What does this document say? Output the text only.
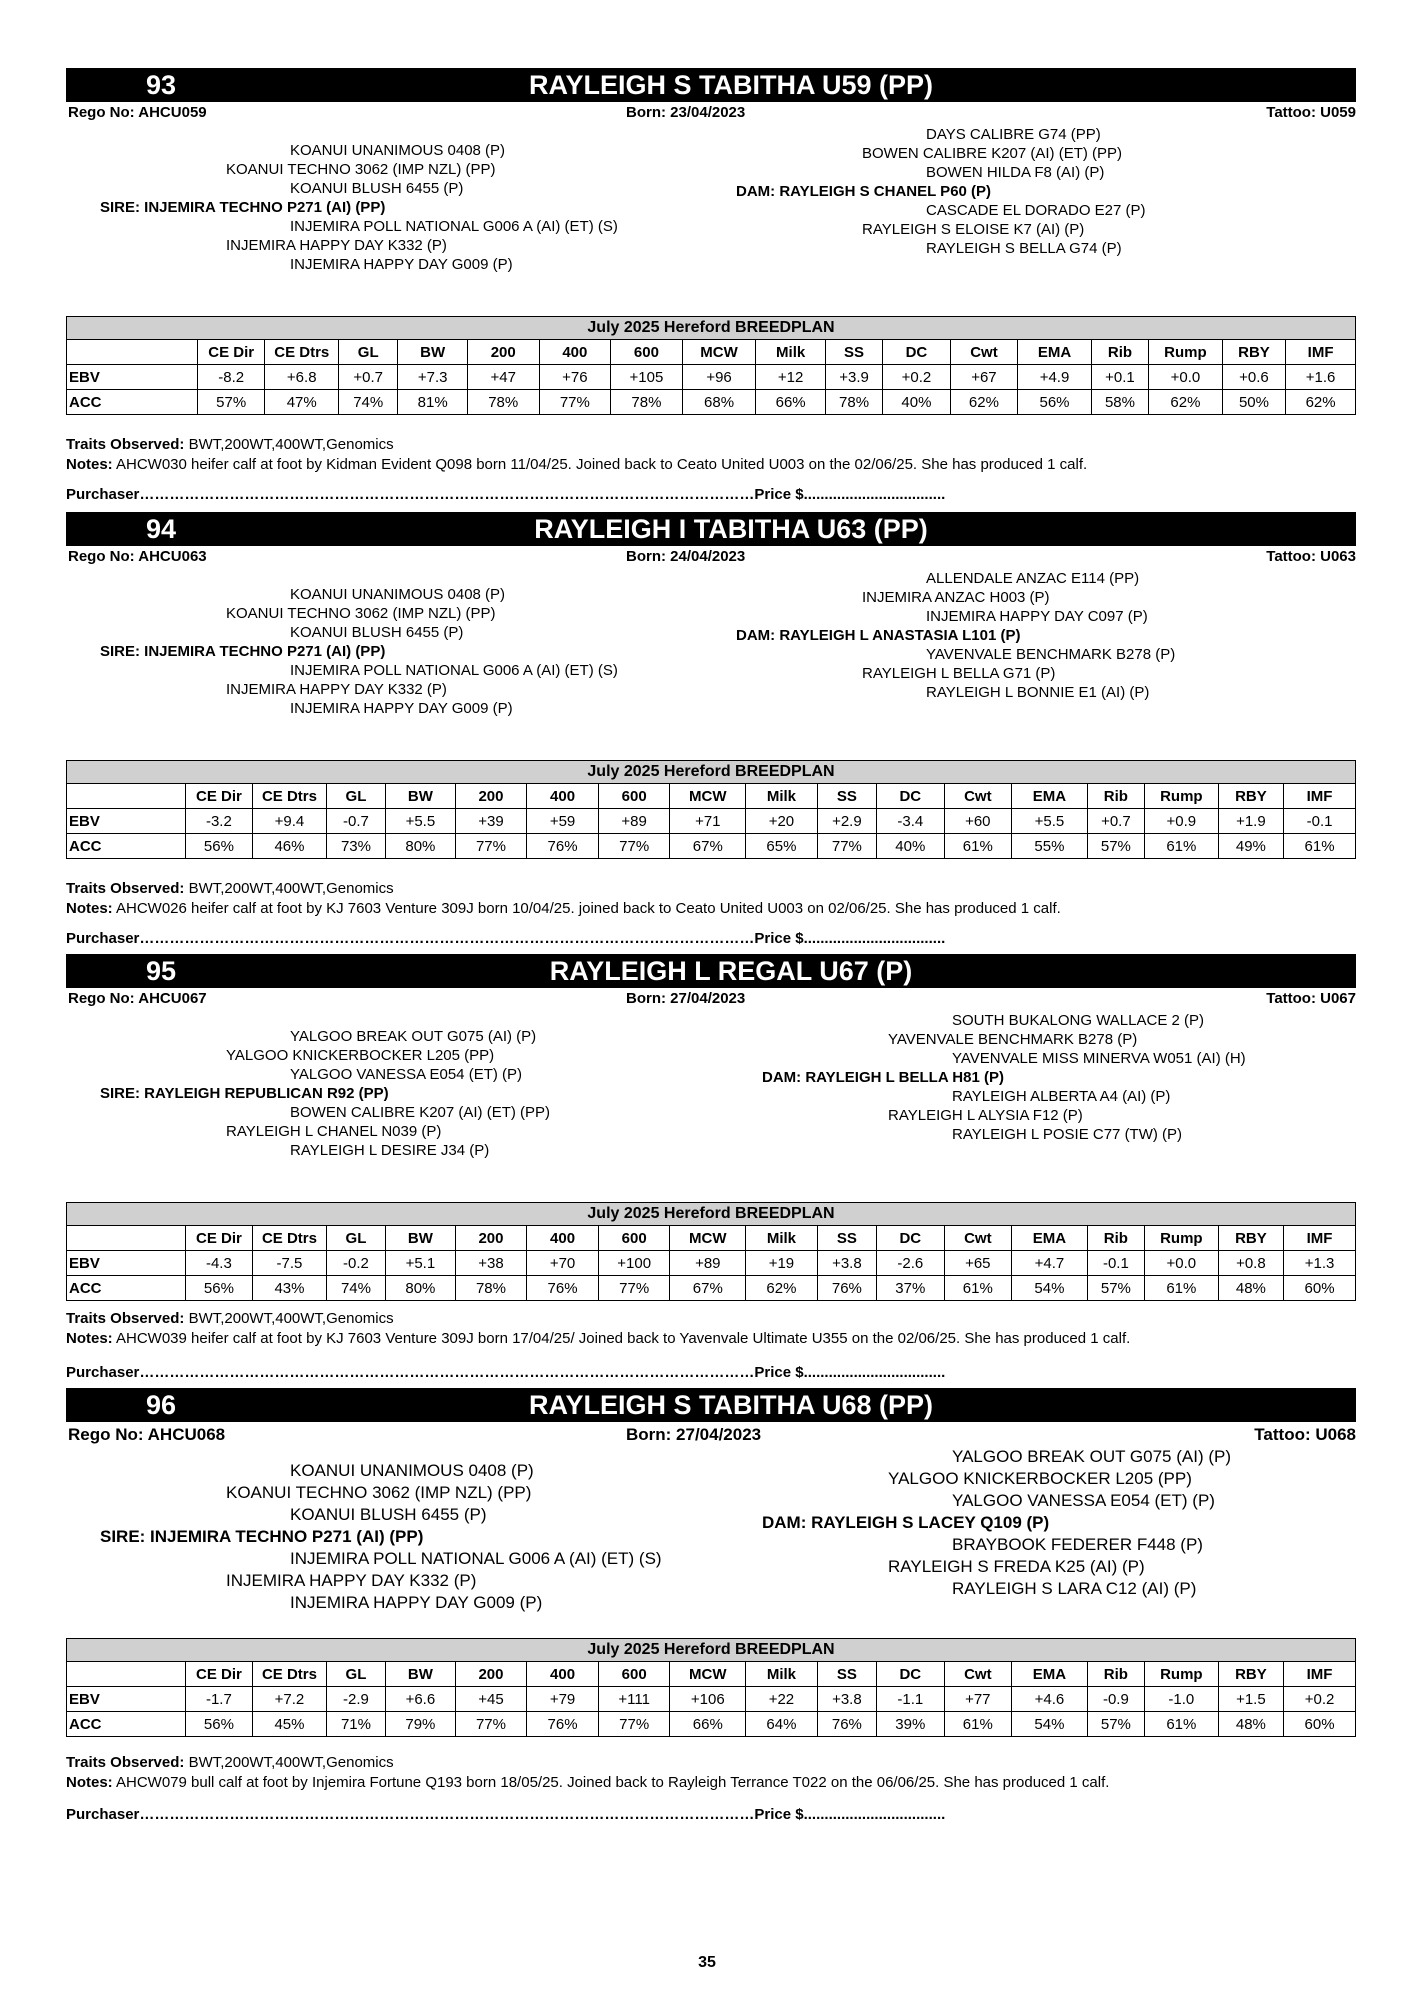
93	RAYLEIGH S TABITHA U59 (PP)
Rego No: AHCU059	Born: 23/04/2023	Tattoo: U059
KOANUI UNANIMOUS 0408 (P)
KOANUI TECHNO 3062 (IMP NZL) (PP)
KOANUI BLUSH 6455 (P)
SIRE: INJEMIRA TECHNO P271 (AI) (PP)
INJEMIRA POLL NATIONAL G006 A (AI) (ET) (S)
INJEMIRA HAPPY DAY K332 (P)
INJEMIRA HAPPY DAY G009 (P)
DAYS CALIBRE G74 (PP)
BOWEN CALIBRE K207 (AI) (ET) (PP)
BOWEN HILDA F8 (AI) (P)
DAM: RAYLEIGH S CHANEL P60 (P)
CASCADE EL DORADO E27 (P)
RAYLEIGH S ELOISE K7 (AI) (P)
RAYLEIGH S BELLA G74 (P)
July 2025 Hereford BREEDPLAN																	
	CE Dir	CE Dtrs	GL	BW	200	400	600	MCW	Milk	SS	DC	Cwt	EMA	Rib	Rump	RBY	IMF
EBV	-8.2	+6.8	+0.7	+7.3	+47	+76	+105	+96	+12	+3.9	+0.2	+67	+4.9	+0.1	+0.0	+0.6	+1.6
ACC	57%	47%	74%	81%	78%	77%	78%	68%	66%	78%	40%	62%	56%	58%	62%	50%	62%
Traits Observed: BWT,200WT,400WT,Genomics
Notes: AHCW030 heifer calf at foot by Kidman Evident Q098 born 11/04/25. Joined back to Ceato United U003 on the 02/06/25. She has produced 1 calf.
Purchaser……………………………………………………………………………………………………………Price $..................................
94	RAYLEIGH I TABITHA U63 (PP)
Rego No: AHCU063	Born: 24/04/2023	Tattoo: U063
KOANUI UNANIMOUS 0408 (P)
KOANUI TECHNO 3062 (IMP NZL) (PP)
KOANUI BLUSH 6455 (P)
SIRE: INJEMIRA TECHNO P271 (AI) (PP)
INJEMIRA POLL NATIONAL G006 A (AI) (ET) (S)
INJEMIRA HAPPY DAY K332 (P)
INJEMIRA HAPPY DAY G009 (P)
ALLENDALE ANZAC E114 (PP)
INJEMIRA ANZAC H003 (P)
INJEMIRA HAPPY DAY C097 (P)
DAM: RAYLEIGH L ANASTASIA L101 (P)
YAVENVALE BENCHMARK B278 (P)
RAYLEIGH L BELLA G71 (P)
RAYLEIGH L BONNIE E1 (AI) (P)
July 2025 Hereford BREEDPLAN																	
	CE Dir	CE Dtrs	GL	BW	200	400	600	MCW	Milk	SS	DC	Cwt	EMA	Rib	Rump	RBY	IMF
EBV	-3.2	+9.4	-0.7	+5.5	+39	+59	+89	+71	+20	+2.9	-3.4	+60	+5.5	+0.7	+0.9	+1.9	-0.1
ACC	56%	46%	73%	80%	77%	76%	77%	67%	65%	77%	40%	61%	55%	57%	61%	49%	61%
Traits Observed: BWT,200WT,400WT,Genomics
Notes: AHCW026 heifer calf at foot by KJ 7603 Venture 309J born 10/04/25. joined back to Ceato United U003 on 02/06/25. She has produced 1 calf.
Purchaser……………………………………………………………………………………………………………Price $..................................
95	RAYLEIGH L REGAL U67 (P)
Rego No: AHCU067	Born: 27/04/2023	Tattoo: U067
YALGOO BREAK OUT G075 (AI) (P)
YALGOO KNICKERBOCKER L205 (PP)
YALGOO VANESSA E054 (ET) (P)
SIRE: RAYLEIGH REPUBLICAN R92 (PP)
BOWEN CALIBRE K207 (AI) (ET) (PP)
RAYLEIGH L CHANEL N039 (P)
RAYLEIGH L DESIRE J34 (P)
SOUTH BUKALONG WALLACE 2 (P)
YAVENVALE BENCHMARK B278 (P)
YAVENVALE MISS MINERVA W051 (AI) (H)
DAM: RAYLEIGH L BELLA H81 (P)
RAYLEIGH ALBERTA A4 (AI) (P)
RAYLEIGH L ALYSIA F12 (P)
RAYLEIGH L POSIE C77 (TW) (P)
July 2025 Hereford BREEDPLAN																	
	CE Dir	CE Dtrs	GL	BW	200	400	600	MCW	Milk	SS	DC	Cwt	EMA	Rib	Rump	RBY	IMF
EBV	-4.3	-7.5	-0.2	+5.1	+38	+70	+100	+89	+19	+3.8	-2.6	+65	+4.7	-0.1	+0.0	+0.8	+1.3
ACC	56%	43%	74%	80%	78%	76%	77%	67%	62%	76%	37%	61%	54%	57%	61%	48%	60%
Traits Observed: BWT,200WT,400WT,Genomics
Notes: AHCW039 heifer calf at foot by KJ 7603 Venture 309J born 17/04/25/ Joined back to Yavenvale Ultimate U355 on the 02/06/25. She has produced 1 calf.
Purchaser……………………………………………………………………………………………………………Price $..................................
96	RAYLEIGH S TABITHA U68 (PP)
Rego No: AHCU068	Born: 27/04/2023	Tattoo: U068
KOANUI UNANIMOUS 0408 (P)
KOANUI TECHNO 3062 (IMP NZL) (PP)
KOANUI BLUSH 6455 (P)
SIRE: INJEMIRA TECHNO P271 (AI) (PP)
INJEMIRA POLL NATIONAL G006 A (AI) (ET) (S)
INJEMIRA HAPPY DAY K332 (P)
INJEMIRA HAPPY DAY G009 (P)
YALGOO BREAK OUT G075 (AI) (P)
YALGOO KNICKERBOCKER L205 (PP)
YALGOO VANESSA E054 (ET) (P)
DAM: RAYLEIGH S LACEY Q109 (P)
BRAYBOOK FEDERER F448 (P)
RAYLEIGH S FREDA K25 (AI) (P)
RAYLEIGH S LARA C12 (AI) (P)
July 2025 Hereford BREEDPLAN																	
	CE Dir	CE Dtrs	GL	BW	200	400	600	MCW	Milk	SS	DC	Cwt	EMA	Rib	Rump	RBY	IMF
EBV	-1.7	+7.2	-2.9	+6.6	+45	+79	+111	+106	+22	+3.8	-1.1	+77	+4.6	-0.9	-1.0	+1.5	+0.2
ACC	56%	45%	71%	79%	77%	76%	77%	66%	64%	76%	39%	61%	54%	57%	61%	48%	60%
Traits Observed: BWT,200WT,400WT,Genomics
Notes: AHCW079 bull calf at foot by Injemira Fortune Q193 born 18/05/25. Joined back to Rayleigh Terrance T022 on the 06/06/25. She has produced 1 calf.
Purchaser……………………………………………………………………………………………………………Price $..................................
35
